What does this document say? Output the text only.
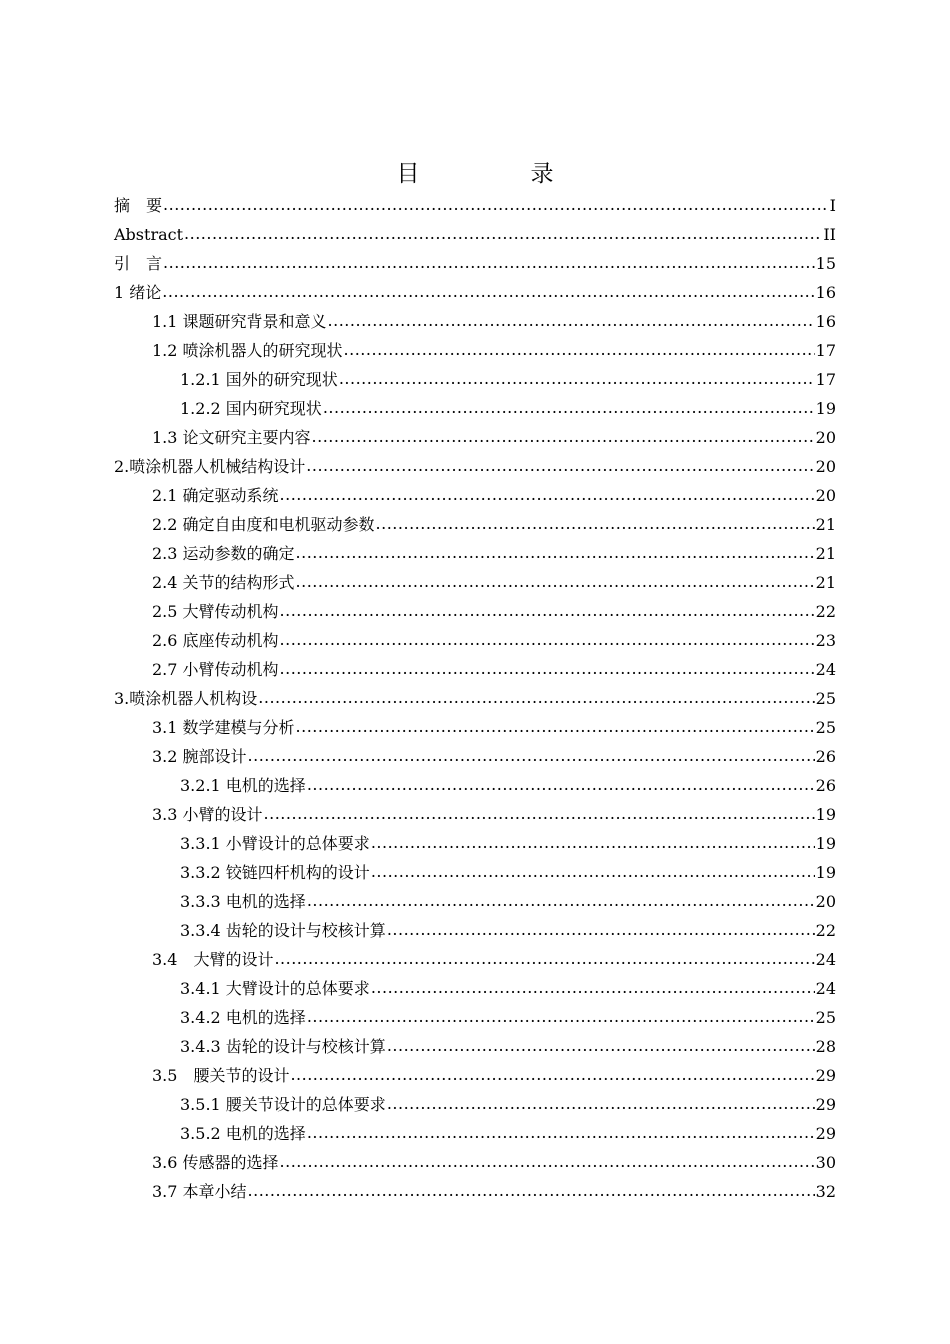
目　录
摘　要 .....	I
Abstract .....	II
引　言 .....	15
1 绪论 .....	16
1.1 课题研究背景和意义 .....	16
1.2 喷涂机器人的研究现状 .....	17
1.2.1 国外的研究现状 .....	17
1.2.2 国内研究现状 .....	19
1.3 论文研究主要内容 .....	20
2.喷涂机器人机械结构设计 .....	20
2.1 确定驱动系统 .....	20
2.2 确定自由度和电机驱动参数 .....	21
2.3 运动参数的确定 .....	21
2.4 关节的结构形式 .....	21
2.5 大臂传动机构 .....	22
2.6 底座传动机构 .....	23
2.7 小臂传动机构 .....	24
3.喷涂机器人机构设 .....	25
3.1 数学建模与分析 .....	25
3.2 腕部设计 .....	26
3.2.1 电机的选择 .....	26
3.3 小臂的设计 .....	19
3.3.1 小臂设计的总体要求 .....	19
3.3.2 铰链四杆机构的设计 .....	19
3.3.3 电机的选择 .....	20
3.3.4 齿轮的设计与校核计算 .....	22
3.4　大臂的设计 .....	24
3.4.1 大臂设计的总体要求 .....	24
3.4.2 电机的选择 .....	25
3.4.3 齿轮的设计与校核计算 .....	28
3.5　腰关节的设计 .....	29
3.5.1 腰关节设计的总体要求 .....	29
3.5.2 电机的选择 .....	29
3.6 传感器的选择 .....	30
3.7 本章小结 .....	32
